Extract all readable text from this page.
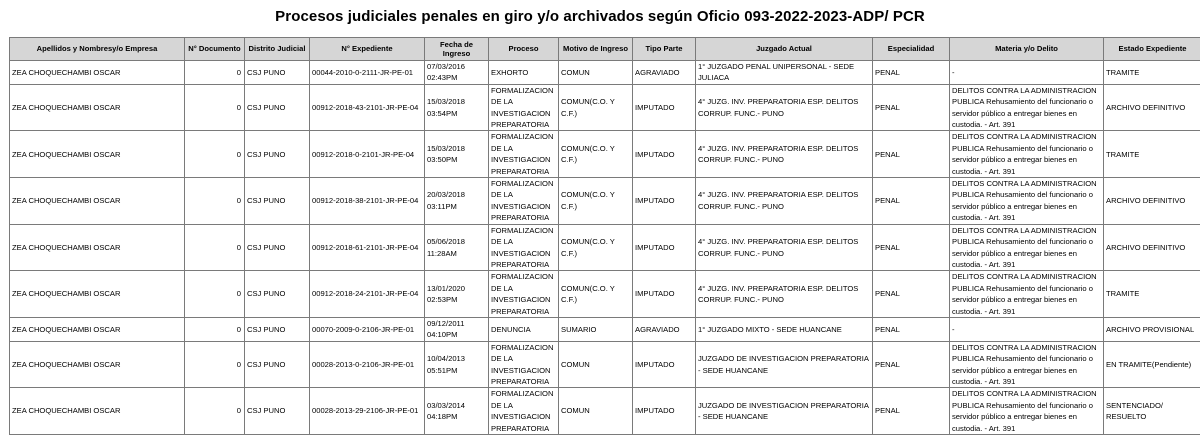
Procesos judiciales penales en giro y/o archivados según Oficio 093-2022-2023-ADP/ PCR
Apellidos y Nombresy/o Empresa	N° Documento	Distrito Judicial	N° Expediente	Fecha de Ingreso	Proceso	Motivo de Ingreso	Tipo Parte	Juzgado Actual	Especialidad	Materia y/o Delito	Estado Expediente
ZEA CHOQUECHAMBI OSCAR	0	CSJ PUNO	00044-2010-0-2111-JR-PE-01	07/03/2016 02:43PM	EXHORTO	COMUN	AGRAVIADO	1° JUZGADO PENAL UNIPERSONAL - SEDE JULIACA	PENAL	-	TRAMITE
ZEA CHOQUECHAMBI OSCAR	0	CSJ PUNO	00912-2018-43-2101-JR-PE-04	15/03/2018 03:54PM	FORMALIZACION DE LA INVESTIGACION PREPARATORIA	COMUN(C.O. Y C.F.)	IMPUTADO	4° JUZG. INV. PREPARATORIA ESP. DELITOS CORRUP. FUNC.- PUNO	PENAL	DELITOS CONTRA LA ADMINISTRACION PUBLICA Rehusamiento del funcionario o servidor público a entregar bienes en custodia. - Art. 391	ARCHIVO DEFINITIVO
ZEA CHOQUECHAMBI OSCAR	0	CSJ PUNO	00912-2018-0-2101-JR-PE-04	15/03/2018 03:50PM	FORMALIZACION DE LA INVESTIGACION PREPARATORIA	COMUN(C.O. Y C.F.)	IMPUTADO	4° JUZG. INV. PREPARATORIA ESP. DELITOS CORRUP. FUNC.- PUNO	PENAL	DELITOS CONTRA LA ADMINISTRACION PUBLICA Rehusamiento del funcionario o servidor público a entregar bienes en custodia. - Art. 391	TRAMITE
ZEA CHOQUECHAMBI OSCAR	0	CSJ PUNO	00912-2018-38-2101-JR-PE-04	20/03/2018 03:11PM	FORMALIZACION DE LA INVESTIGACION PREPARATORIA	COMUN(C.O. Y C.F.)	IMPUTADO	4° JUZG. INV. PREPARATORIA ESP. DELITOS CORRUP. FUNC.- PUNO	PENAL	DELITOS CONTRA LA ADMINISTRACION PUBLICA Rehusamiento del funcionario o servidor público a entregar bienes en custodia. - Art. 391	ARCHIVO DEFINITIVO
ZEA CHOQUECHAMBI OSCAR	0	CSJ PUNO	00912-2018-61-2101-JR-PE-04	05/06/2018 11:28AM	FORMALIZACION DE LA INVESTIGACION PREPARATORIA	COMUN(C.O. Y C.F.)	IMPUTADO	4° JUZG. INV. PREPARATORIA ESP. DELITOS CORRUP. FUNC.- PUNO	PENAL	DELITOS CONTRA LA ADMINISTRACION PUBLICA Rehusamiento del funcionario o servidor público a entregar bienes en custodia. - Art. 391	ARCHIVO DEFINITIVO
ZEA CHOQUECHAMBI OSCAR	0	CSJ PUNO	00912-2018-24-2101-JR-PE-04	13/01/2020 02:53PM	FORMALIZACION DE LA INVESTIGACION PREPARATORIA	COMUN(C.O. Y C.F.)	IMPUTADO	4° JUZG. INV. PREPARATORIA ESP. DELITOS CORRUP. FUNC.- PUNO	PENAL	DELITOS CONTRA LA ADMINISTRACION PUBLICA Rehusamiento del funcionario o servidor público a entregar bienes en custodia. - Art. 391	TRAMITE
ZEA CHOQUECHAMBI OSCAR	0	CSJ PUNO	00070-2009-0-2106-JR-PE-01	09/12/2011 04:10PM	DENUNCIA	SUMARIO	AGRAVIADO	1° JUZGADO MIXTO - SEDE HUANCANE	PENAL	-	ARCHIVO PROVISIONAL
ZEA CHOQUECHAMBI OSCAR	0	CSJ PUNO	00028-2013-0-2106-JR-PE-01	10/04/2013 05:51PM	FORMALIZACION DE LA INVESTIGACION PREPARATORIA	COMUN	IMPUTADO	JUZGADO DE INVESTIGACION PREPARATORIA - SEDE HUANCANE	PENAL	DELITOS CONTRA LA ADMINISTRACION PUBLICA Rehusamiento del funcionario o servidor público a entregar bienes en custodia. - Art. 391	EN TRAMITE(Pendiente)
ZEA CHOQUECHAMBI OSCAR	0	CSJ PUNO	00028-2013-29-2106-JR-PE-01	03/03/2014 04:18PM	FORMALIZACION DE LA INVESTIGACION PREPARATORIA	COMUN	IMPUTADO	JUZGADO DE INVESTIGACION PREPARATORIA - SEDE HUANCANE	PENAL	DELITOS CONTRA LA ADMINISTRACION PUBLICA Rehusamiento del funcionario o servidor público a entregar bienes en custodia. - Art. 391	SENTENCIADO/ RESUELTO
